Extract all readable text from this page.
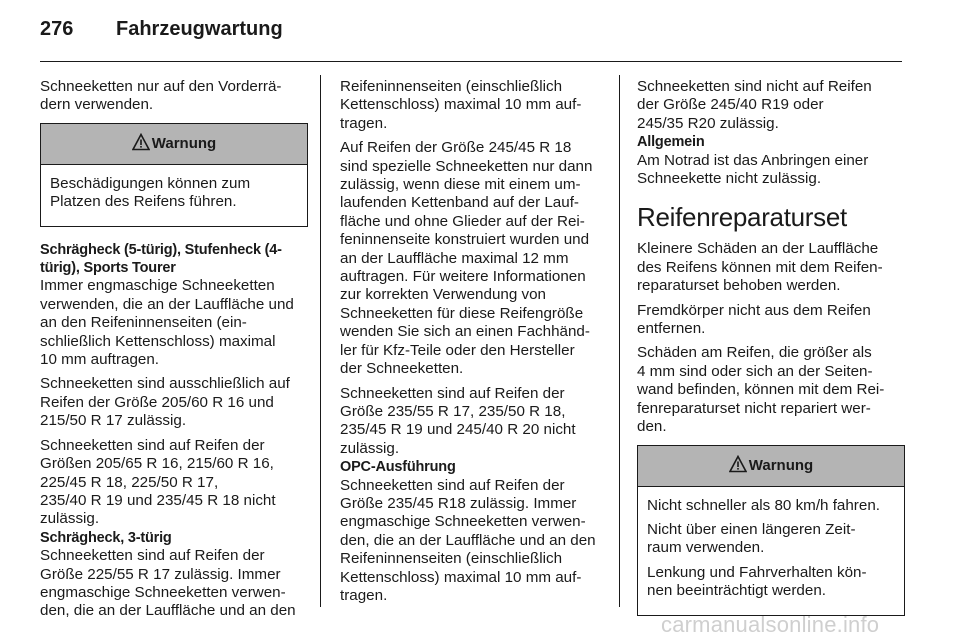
276 Fahrzeugwartung

Schneeketten nur auf den Vorderrä-
dern verwenden.

Warnung

Beschädigungen können zum
Platzen des Reifens führen.

Schrägheck (5-türig), Stufenheck (4-
türig), Sports Tourer

Immer engmaschige Schneeketten
verwenden, die an der Lauffläche und
an den Reifeninnenseiten (ein-
schließlich Kettenschloss) maximal
10 mm auftragen.

Schneeketten sind ausschließlich auf
Reifen der Größe 205/60 R 16 und
215/50 R 17 zulässig.

Schneeketten sind auf Reifen der
Größen 205/65 R 16, 215/60 R 16,
225/45 R 18, 225/50 R 17,
235/40 R 19 und 235/45 R 18 nicht
zulässig.

Schrägheck, 3-türig

Schneeketten sind auf Reifen der
Größe 225/55 R 17 zulässig. Immer
engmaschige Schneeketten verwen-
den, die an der Lauffläche und an den

Reifeninnenseiten (einschließlich
Kettenschloss) maximal 10 mm auf-
tragen.

Auf Reifen der Größe 245/45 R 18
sind spezielle Schneeketten nur dann
zulässig, wenn diese mit einem um-
laufenden Kettenband auf der Lauf-
fläche und ohne Glieder auf der Rei-
feninnenseite konstruiert wurden und
an der Lauffläche maximal 12 mm
auftragen. Für weitere Informationen
zur korrekten Verwendung von
Schneeketten für diese Reifengröße
wenden Sie sich an einen Fachhänd-
ler für Kfz-Teile oder den Hersteller
der Schneeketten.

Schneeketten sind auf Reifen der
Größe 235/55 R 17, 235/50 R 18,
235/45 R 19 und 245/40 R 20 nicht
zulässig.

OPC-Ausführung

Schneeketten sind auf Reifen der
Größe 235/45 R18 zulässig. Immer
engmaschige Schneeketten verwen-
den, die an der Lauffläche und an den
Reifeninnenseiten (einschließlich
Kettenschloss) maximal 10 mm auf-
tragen.

Schneeketten sind nicht auf Reifen
der Größe 245/40 R19 oder
245/35 R20 zulässig.

Allgemein

Am Notrad ist das Anbringen einer
Schneekette nicht zulässig.

Reifenreparaturset

Kleinere Schäden an der Lauffläche
des Reifens können mit dem Reifen-
reparaturset behoben werden.

Fremdkörper nicht aus dem Reifen
entfernen.

Schäden am Reifen, die größer als
4 mm sind oder sich an der Seiten-
wand befinden, können mit dem Rei-
fenreparaturset nicht repariert wer-
den.

Warnung

Nicht schneller als 80 km/h fahren.

Nicht über einen längeren Zeit-
raum verwenden.

Lenkung und Fahrverhalten kön-
nen beeinträchtigt werden.

carmanualsonline.info
